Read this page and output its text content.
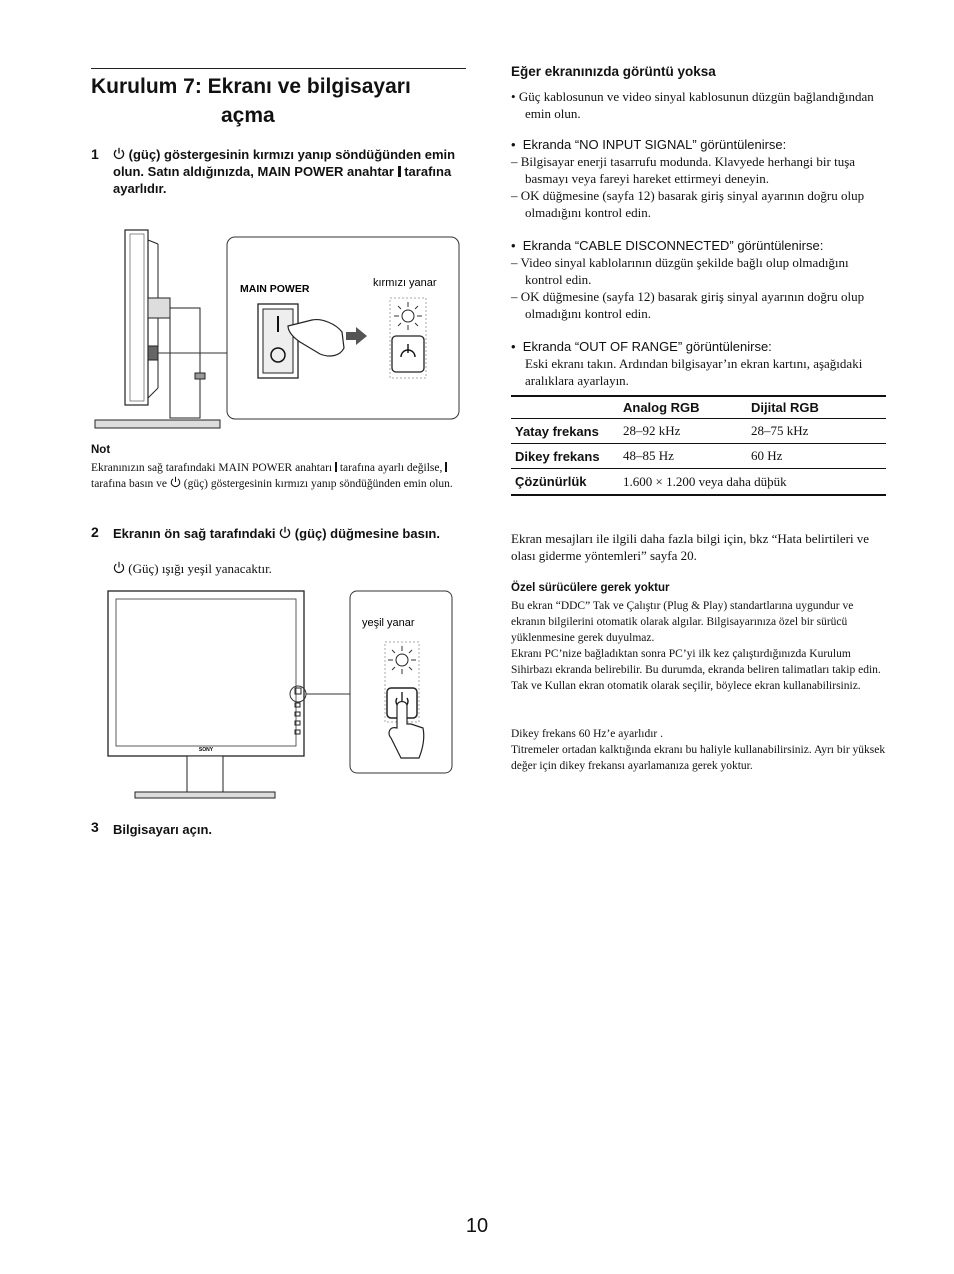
Kurulum 7: Ekranı ve bilgisayarı
açma
1	(güç) göstergesinin kırmızı yanıp söndüğünden emin olun. Satın aldığınızda, MAIN POWER anahtar tarafına ayarlıdır.
MAIN POWER	kırmızı yanar
Not
Ekranınızın sağ tarafındaki MAIN POWER anahtarı tarafına ayarlı değilse,  tarafına basın ve (güç) göstergesinin kırmızı yanıp söndüğünden emin olun.
2 Ekranın ön sağ tarafındaki (güç) düğmesine basın.
(Güç) ışığı yeşil yanacaktır.
SONY
yeşil yanar
3 Bilgisayarı açın.
Eğer ekranınızda görüntü yoksa
• Güç kablosunun ve video sinyal kablosunun düzgün bağlandığından emin olun.
•  Ekranda “NO INPUT SIGNAL” görüntülenirse:
– Bilgisayar enerji tasarrufu modunda. Klavyede herhangi bir tuşa basmayı veya fareyi hareket ettirmeyi deneyin.
– OK düğmesine (sayfa 12) basarak giriş sinyal ayarının doğru olup olmadığını kontrol edin.
•  Ekranda “CABLE DISCONNECTED” görüntülenirse:
– Video sinyal kablolarının düzgün şekilde bağlı olup olmadığını kontrol edin.
– OK düğmesine (sayfa 12) basarak giriş sinyal ayarının doğru olup olmadığını kontrol edin.
•  Ekranda “OUT OF RANGE” görüntülenirse:
Eski ekranı takın. Ardından bilgisayar’ın ekran kartını, aşağıdaki aralıklara ayarlayın.
	Analog RGB	Dijital RGB
Yatay frekans	28–92 kHz	28–75 kHz
Dikey frekans	48–85 Hz	60 Hz
Çözünürlük	1.600 × 1.200 veya daha düþük	
Ekran mesajları ile ilgili daha fazla bilgi için, bkz “Hata belirtileri ve olası giderme yöntemleri” sayfa 20.
Özel sürücülere gerek yoktur
Bu ekran “DDC” Tak ve Çalıştır (Plug & Play) standartlarına uygundur ve ekranın bilgilerini otomatik olarak algılar. Bilgisayarınıza özel bir sürücü yüklenmesine gerek duyulmaz.
Ekranı PC’nize bağladıktan sonra PC’yi ilk kez çalıştırdığınızda Kurulum Sihirbazı ekranda belirebilir. Bu durumda, ekranda beliren talimatları takip edin. Tak ve Kullan ekran otomatik olarak seçilir, böylece ekran kullanabilirsiniz.
Dikey frekans 60 Hz’e ayarlıdır .
Titremeler ortadan kalktığında ekranı bu haliyle kullanabilirsiniz. Ayrı bir yüksek değer için dikey frekansı ayarlamanıza gerek yoktur.
10
